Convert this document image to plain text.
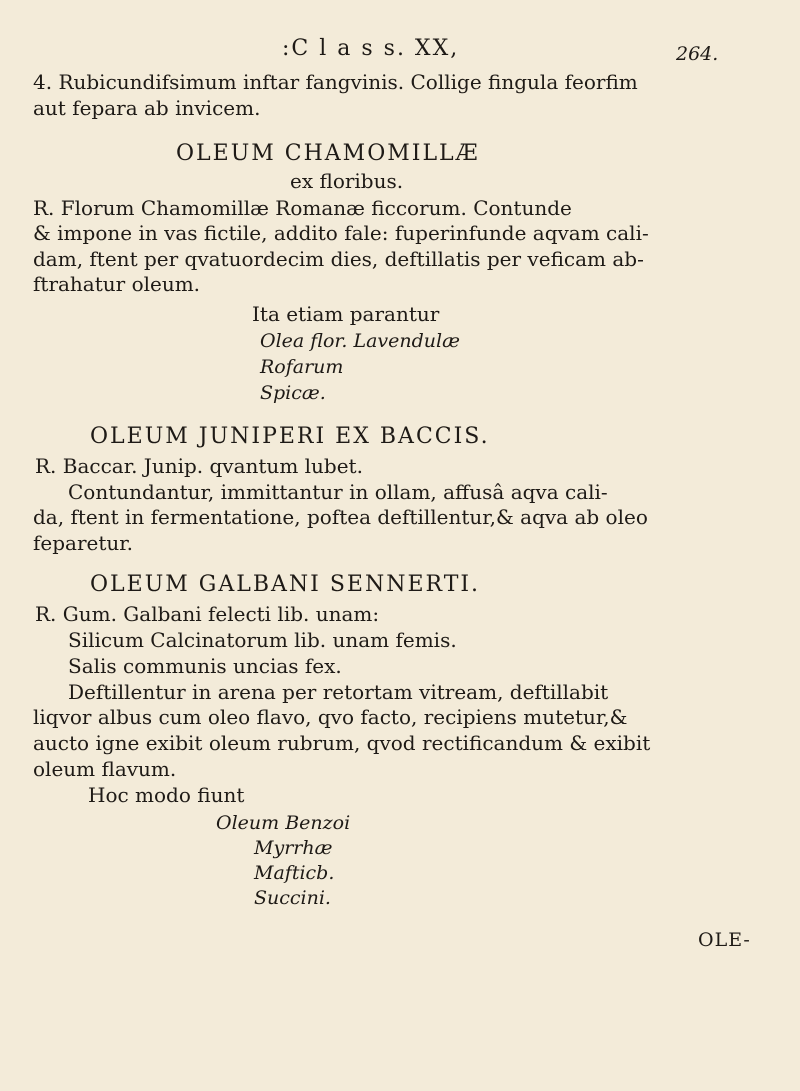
:C l a s s. XX,	264.
4. Rubicundifsimum inftar fangvinis. Collige fingula feorfim
aut fepara ab invicem.
OLEUM CHAMOMILLÆ
ex floribus.
R. Florum Chamomillæ Romanæ ficcorum. Contunde
& impone in vas fictile, addito fale: fuperinfunde aqvam cali-
dam, ftent per qvatuordecim dies, deftillatis per veficam ab-
ftrahatur oleum.
Ita etiam parantur
Olea flor. Lavendulæ
Rofarum
Spicæ.
OLEUM JUNIPERI EX BACCIS.
R. Baccar. Junip. qvantum lubet.
Contundantur, immittantur in ollam, affusâ aqva cali-
da, ftent in fermentatione, poftea deftillentur,& aqva ab oleo
feparetur.
OLEUM GALBANI SENNERTI.
R. Gum. Galbani felecti lib. unam:
Silicum Calcinatorum lib. unam femis.
Salis communis uncias fex.
Deftillentur in arena per retortam vitream, deftillabit
liqvor albus cum oleo flavo, qvo facto, recipiens mutetur,&
aucto igne exibit oleum rubrum, qvod rectificandum & exibit
oleum flavum.
Hoc modo fiunt
Oleum Benzoi
Myrrhæ
Mafticb.
Succini.
OLE-
